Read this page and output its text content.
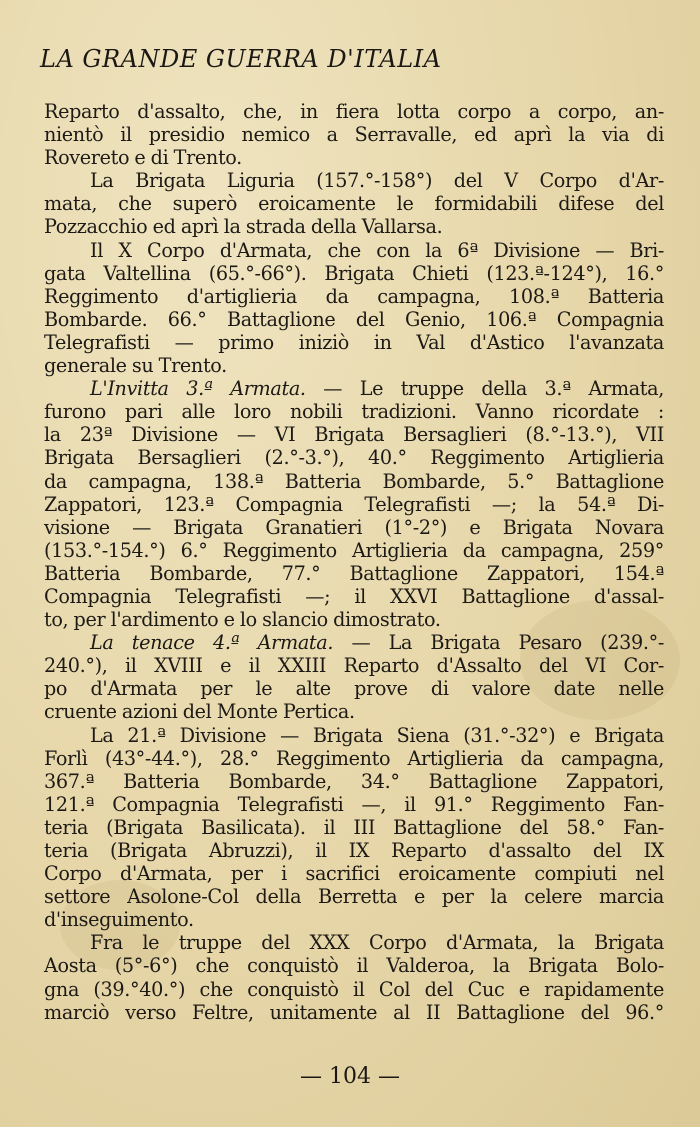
LA GRANDE GUERRA D'ITALIA
Reparto d'assalto, che, in fiera lotta corpo a corpo, an-
nientò il presidio nemico a Serravalle, ed aprì la via di
Rovereto e di Trento.
La Brigata Liguria (157.°-158°) del V Corpo d'Ar-
mata, che superò eroicamente le formidabili difese del
Pozzacchio ed aprì la strada della Vallarsa.
Il X Corpo d'Armata, che con la 6ª Divisione — Bri-
gata Valtellina (65.°-66°). Brigata Chieti (123.ª-124°), 16.°
Reggimento d'artiglieria da campagna, 108.ª Batteria
Bombarde. 66.° Battaglione del Genio, 106.ª Compagnia
Telegrafisti — primo iniziò in Val d'Astico l'avanzata
generale su Trento.
L'Invitta 3.ª Armata. — Le truppe della 3.ª Armata,
furono pari alle loro nobili tradizioni. Vanno ricordate :
la 23ª Divisione — VI Brigata Bersaglieri (8.°-13.°), VII
Brigata Bersaglieri (2.°-3.°), 40.° Reggimento Artiglieria
da campagna, 138.ª Batteria Bombarde, 5.° Battaglione
Zappatori, 123.ª Compagnia Telegrafisti —; la 54.ª Di-
visione — Brigata Granatieri (1°-2°) e Brigata Novara
(153.°-154.°) 6.° Reggimento Artiglieria da campagna, 259°
Batteria Bombarde, 77.° Battaglione Zappatori, 154.ª
Compagnia Telegrafisti —; il XXVI Battaglione d'assal-
to, per l'ardimento e lo slancio dimostrato.
La tenace 4.ª Armata. — La Brigata Pesaro (239.°-
240.°), il XVIII e il XXIII Reparto d'Assalto del VI Cor-
po d'Armata per le alte prove di valore date nelle
cruente azioni del Monte Pertica.
La 21.ª Divisione — Brigata Siena (31.°-32°) e Brigata
Forlì (43°-44.°), 28.° Reggimento Artiglieria da campagna,
367.ª Batteria Bombarde, 34.° Battaglione Zappatori,
121.ª Compagnia Telegrafisti —, il 91.° Reggimento Fan-
teria (Brigata Basilicata). il III Battaglione del 58.° Fan-
teria (Brigata Abruzzi), il IX Reparto d'assalto del IX
Corpo d'Armata, per i sacrifici eroicamente compiuti nel
settore Asolone-Col della Berretta e per la celere marcia
d'inseguimento.
Fra le truppe del XXX Corpo d'Armata, la Brigata
Aosta (5°-6°) che conquistò il Valderoa, la Brigata Bolo-
gna (39.°40.°) che conquistò il Col del Cuc e rapidamente
marciò verso Feltre, unitamente al II Battaglione del 96.°
— 104 —
